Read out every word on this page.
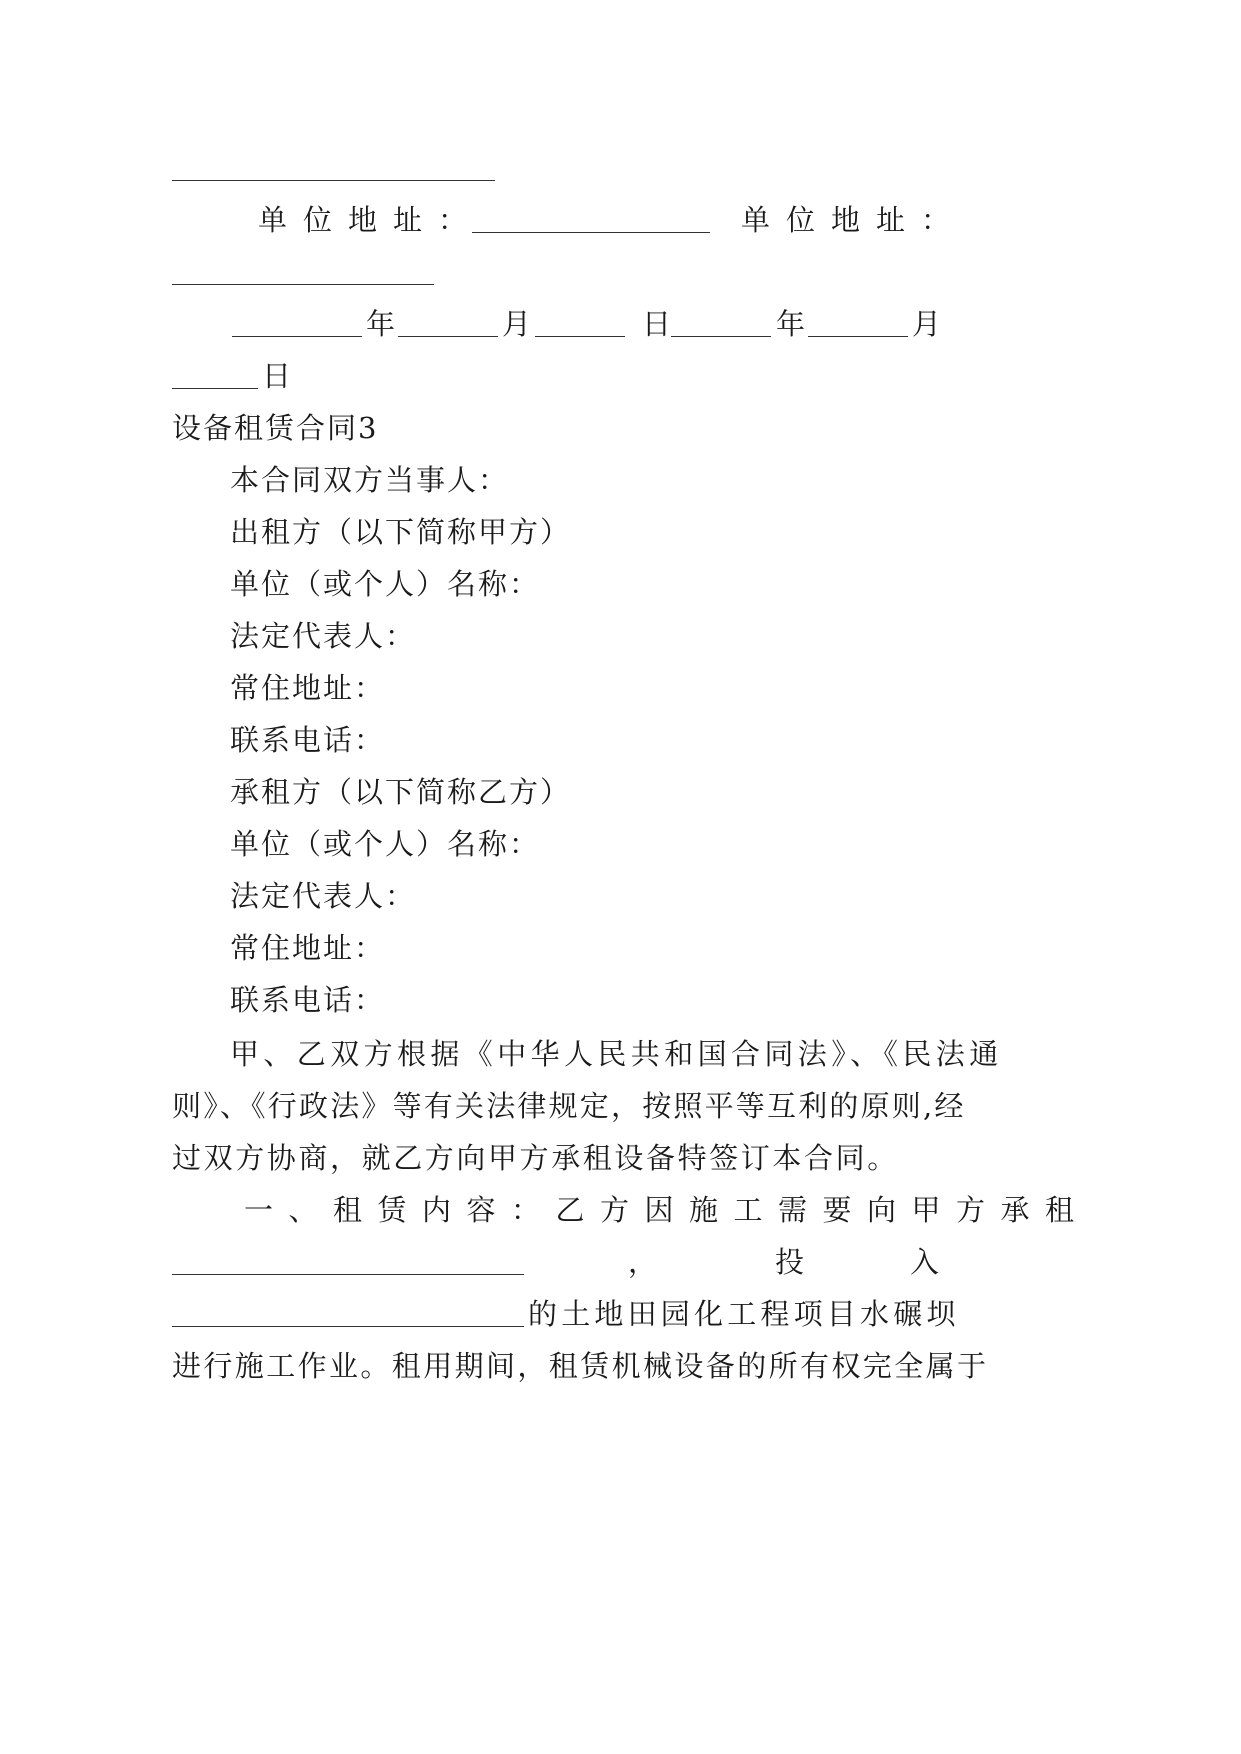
单位地址：	单位地址：
年	月	日	年	月
日
设备租赁合同3
本合同双方当事人：
出租方（以下简称甲方）
单位（或个人）名称：
法定代表人：
常住地址：
联系电话：
承租方（以下简称乙方）
单位（或个人）名称：
法定代表人：
常住地址：
联系电话：
甲、乙双方根据《中华人民共和国合同法》、《民法通
则》、《行政法》等有关法律规定，按照平等互利的原则,经
过双方协商，就乙方向甲方承租设备特签订本合同。
一、租赁内容：乙方因施工需要向甲方承租
，	投	入
的土地田园化工程项目水碾坝
进行施工作业。租用期间，租赁机械设备的所有权完全属于
